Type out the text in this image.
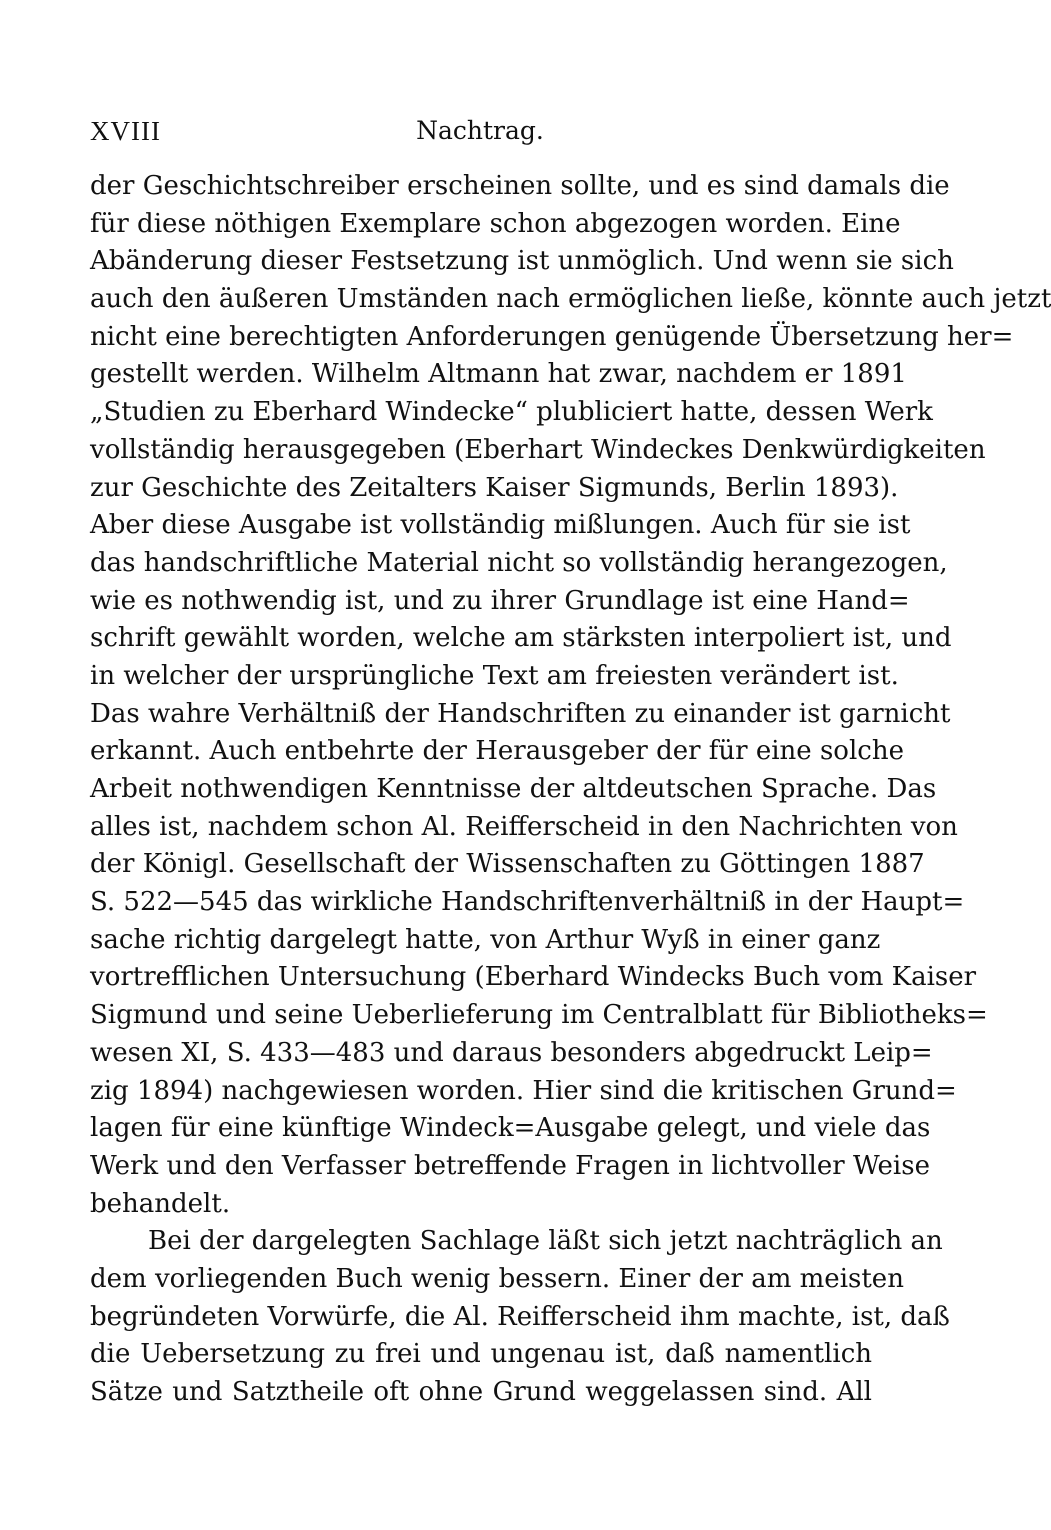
XVIII	Nachtrag.
der Geschichtschreiber erscheinen sollte, und es sind damals die
für diese nöthigen Exemplare schon abgezogen worden. Eine
Abänderung dieser Festsetzung ist unmöglich. Und wenn sie sich
auch den äußeren Umständen nach ermöglichen ließe, könnte auch jetzt
nicht eine berechtigten Anforderungen genügende Übersetzung her=
gestellt werden. Wilhelm Altmann hat zwar, nachdem er 1891
„Studien zu Eberhard Windecke“ plubliciert hatte, dessen Werk
vollständig herausgegeben (Eberhart Windeckes Denkwürdigkeiten
zur Geschichte des Zeitalters Kaiser Sigmunds, Berlin 1893).
Aber diese Ausgabe ist vollständig mißlungen. Auch für sie ist
das handschriftliche Material nicht so vollständig herangezogen,
wie es nothwendig ist, und zu ihrer Grundlage ist eine Hand=
schrift gewählt worden, welche am stärksten interpoliert ist, und
in welcher der ursprüngliche Text am freiesten verändert ist.
Das wahre Verhältniß der Handschriften zu einander ist garnicht
erkannt. Auch entbehrte der Herausgeber der für eine solche
Arbeit nothwendigen Kenntnisse der altdeutschen Sprache. Das
alles ist, nachdem schon Al. Reifferscheid in den Nachrichten von
der Königl. Gesellschaft der Wissenschaften zu Göttingen 1887
S. 522—545 das wirkliche Handschriftenverhältniß in der Haupt=
sache richtig dargelegt hatte, von Arthur Wyß in einer ganz
vortrefflichen Untersuchung (Eberhard Windecks Buch vom Kaiser
Sigmund und seine Ueberlieferung im Centralblatt für Bibliotheks=
wesen XI, S. 433—483 und daraus besonders abgedruckt Leip=
zig 1894) nachgewiesen worden. Hier sind die kritischen Grund=
lagen für eine künftige Windeck=Ausgabe gelegt, und viele das
Werk und den Verfasser betreffende Fragen in lichtvoller Weise
behandelt.
Bei der dargelegten Sachlage läßt sich jetzt nachträglich an
dem vorliegenden Buch wenig bessern. Einer der am meisten
begründeten Vorwürfe, die Al. Reifferscheid ihm machte, ist, daß
die Uebersetzung zu frei und ungenau ist, daß namentlich
Sätze und Satztheile oft ohne Grund weggelassen sind. All
